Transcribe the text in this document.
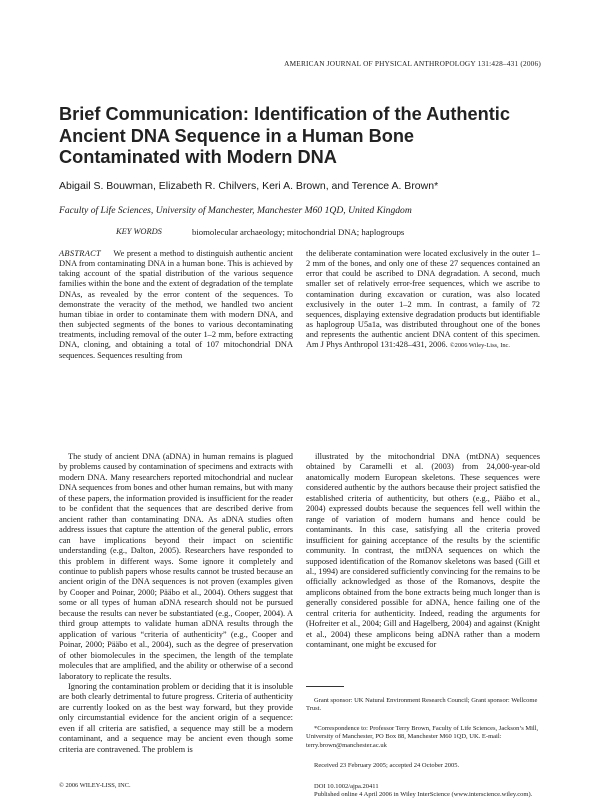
AMERICAN JOURNAL OF PHYSICAL ANTHROPOLOGY 131:428–431 (2006)
Brief Communication: Identification of the Authentic Ancient DNA Sequence in a Human Bone Contaminated with Modern DNA
Abigail S. Bouwman, Elizabeth R. Chilvers, Keri A. Brown, and Terence A. Brown*
Faculty of Life Sciences, University of Manchester, Manchester M60 1QD, United Kingdom
KEY WORDS	biomolecular archaeology; mitochondrial DNA; haplogroups

ABSTRACT We present a method to distinguish authentic ancient DNA from contaminating DNA in a human bone. This is achieved by taking account of the spatial distribution of the various sequence families within the bone and the extent of degradation of the template DNAs, as revealed by the error content of the sequences. To demonstrate the veracity of the method, we handled two ancient human tibiae in order to contaminate them with modern DNA, and then subjected segments of the bones to various decontaminating treatments, including removal of the outer 1–2 mm, before extracting DNA, cloning, and obtaining a total of 107 mitochondrial DNA sequences. Sequences resulting from

the deliberate contamination were located exclusively in the outer 1–2 mm of the bones, and only one of these 27 sequences contained an error that could be ascribed to DNA degradation. A second, much smaller set of relatively error-free sequences, which we ascribe to contamination during excavation or curation, was also located exclusively in the outer 1–2 mm. In contrast, a family of 72 sequences, displaying extensive degradation products but identifiable as haplogroup U5a1a, was distributed throughout one of the bones and represents the authentic ancient DNA content of this specimen. Am J Phys Anthropol 131:428–431, 2006. ©2006 Wiley-Liss, Inc.

The study of ancient DNA (aDNA) in human remains is plagued by problems caused by contamination of specimens and extracts with modern DNA. Many researchers reported mitochondrial and nuclear DNA sequences from bones and other human remains, but with many of these papers, the information provided is insufficient for the reader to be confident that the sequences that are described derive from ancient rather than contaminating DNA. As aDNA studies often address issues that capture the attention of the general public, errors can have implications beyond their impact on scientific understanding (e.g., Dalton, 2005). Researchers have responded to this problem in different ways. Some ignore it completely and continue to publish papers whose results cannot be trusted because an ancient origin of the DNA sequences is not proven (examples given by Cooper and Poinar, 2000; Pääbo et al., 2004). Others suggest that some or all types of human aDNA research should not be pursued because the results can never be substantiated (e.g., Cooper, 2004). A third group attempts to validate human aDNA results through the application of various “criteria of authenticity” (e.g., Cooper and Poinar, 2000; Pääbo et al., 2004), such as the degree of preservation of other biomolecules in the specimen, the length of the template molecules that are amplified, and the ability or otherwise of a second laboratory to replicate the results.

Ignoring the contamination problem or deciding that it is insoluble are both clearly detrimental to future progress. Criteria of authenticity are currently looked on as the best way forward, but they provide only circumstantial evidence for the ancient origin of a sequence: even if all criteria are satisfied, a sequence may still be a modern contaminant, and a sequence may be ancient even though some criteria are contravened. The problem is

illustrated by the mitochondrial DNA (mtDNA) sequences obtained by Caramelli et al. (2003) from 24,000-year-old anatomically modern European skeletons. These sequences were considered authentic by the authors because their project satisfied the established criteria of authenticity, but others (e.g., Pääbo et al., 2004) expressed doubts because the sequences fell well within the range of variation of modern humans and hence could be contaminants. In this case, satisfying all the criteria proved insufficient for gaining acceptance of the results by the scientific community. In contrast, the mtDNA sequences on which the supposed identification of the Romanov skeletons was based (Gill et al., 1994) are considered sufficiently convincing for the remains to be officially acknowledged as those of the Romanovs, despite the amplicons obtained from the bone extracts being much longer than is generally considered possible for aDNA, hence failing one of the central criteria for authenticity. Indeed, reading the arguments for (Hofreiter et al., 2004; Gill and Hagelberg, 2004) and against (Knight et al., 2004) these amplicons being aDNA rather than a modern contaminant, one might be excused for

Grant sponsor: UK Natural Environment Research Council; Grant sponsor: Wellcome Trust.

*Correspondence to: Professor Terry Brown, Faculty of Life Sciences, Jackson’s Mill, University of Manchester, PO Box 88, Manchester M60 1QD, UK. E-mail: terry.brown@manchester.ac.uk

Received 23 February 2005; accepted 24 October 2005.

DOI 10.1002/ajpa.20411

Published online 4 April 2006 in Wiley InterScience (www.interscience.wiley.com).

© 2006 WILEY-LISS, INC.
